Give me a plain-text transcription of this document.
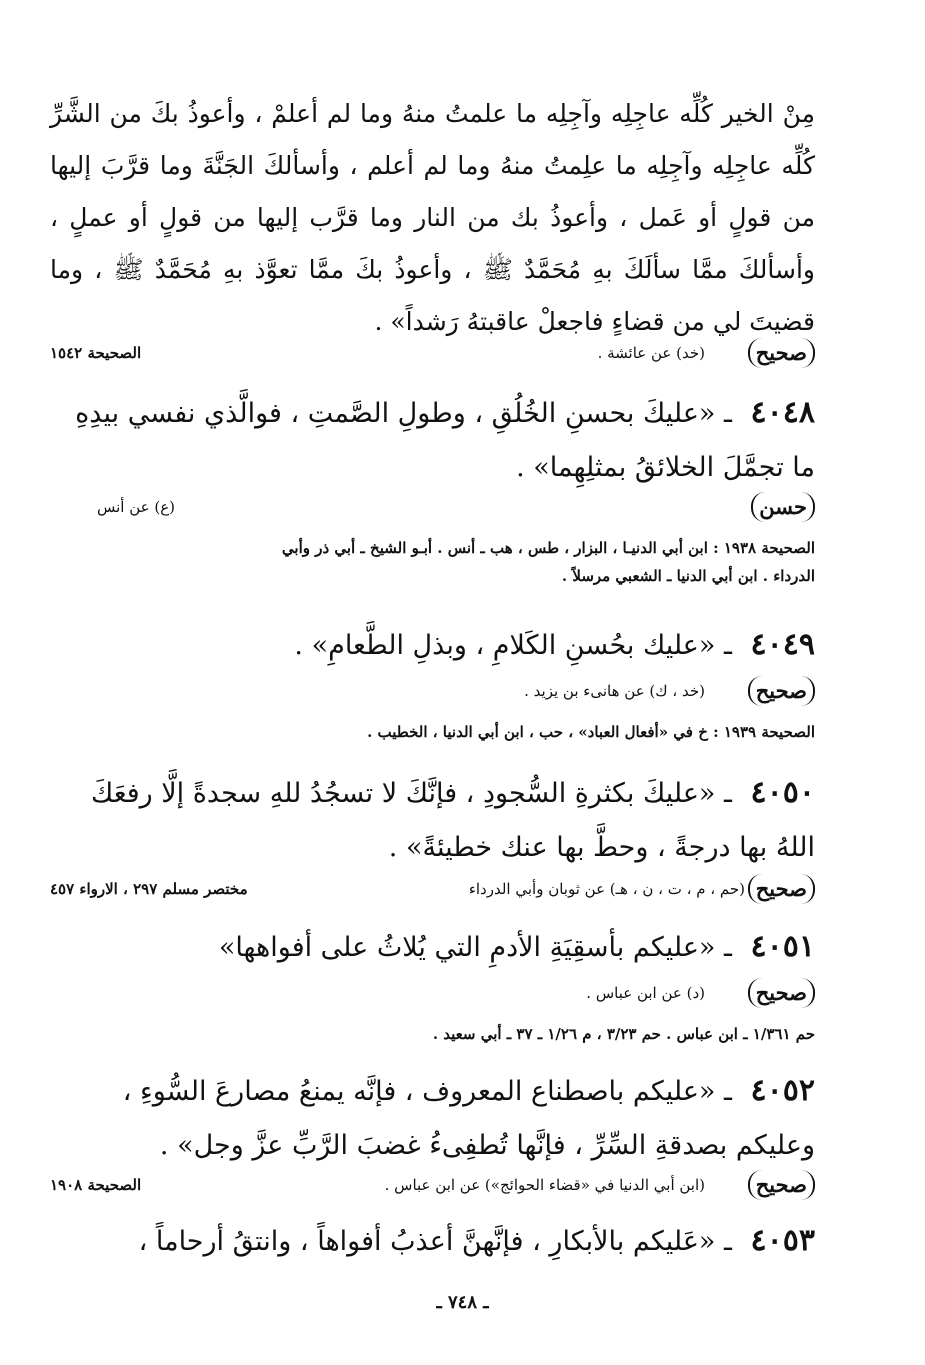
مِنْ الخير كُلِّه عاجِلِه وآجِلِه ما علمتُ منهُ وما لم أعلمْ ، وأعوذُ بكَ من الشَّرِّ كُلِّه عاجِلِه وآجِلِه ما علِمتُ منهُ وما لم أعلم ، وأسألكَ الجَنَّةَ وما قرَّبَ إليها من قولٍ أو عَمل ، وأعوذُ بك من النار وما قرَّب إليها من قولٍ أو عملٍ ، وأسألكَ ممَّا سألَكَ بهِ مُحَمَّدٌ ﷺ ، وأعوذُ بكَ ممَّا تعوَّذ بهِ مُحَمَّدٌ ﷺ ، وما قضيتَ لي من قضاءٍ فاجعلْ عاقبتهُ رَشداً» .
صحيح
(خد) عن عائشة .
الصحيحة ١٥٤٢
٤٠٤٨ ـ «عليكَ بحسنِ الخُلُقِ ، وطولِ الصَّمتِ ، فوالَّذي نفسي بيدِهِ ما تجمَّلَ الخلائقُ بمثلِهِما» .
حسن
(ع) عن أنس
الصحيحة ١٩٣٨ : ابن أبي الدنيـا ، البزار ، طس ، هب ـ أنس . أبـو الشيخ ـ أبي ذر وأبي
الدرداء . ابن أبي الدنيا ـ الشعبي مرسلاً .
٤٠٤٩ ـ «عليك بحُسنِ الكَلامِ ، وبذلِ الطَّعامِ» .
صحيح
(خد ، ك) عن هانىء بن يزيد .
الصحيحة ١٩٣٩ : خ في «أفعال العباد» ، حب ، ابن أبي الدنيا ، الخطيب .
٤٠٥٠ ـ «عليكَ بكثرةِ السُّجودِ ، فإنَّكَ لا تسجُدُ للهِ سجدةً إلَّا رفعَكَ اللهُ بها درجةً ، وحطَّ بها عنك خطيئةً» .
صحيح
(حم ، م ، ت ، ن ، هـ) عن ثوبان وأبي الدرداء
مختصر مسلم ٢٩٧ ، الارواء ٤٥٧
٤٠٥١ ـ «عليكم بأسقِيَةِ الأدمِ التي يُلاثُ على أفواهها»
صحيح
(د) عن ابن عباس .
حم ١/٣٦١ ـ ابن عباس . حم ٣/٢٣ ، م ١/٢٦ ـ ٣٧ ـ أبي سعيد .
٤٠٥٢ ـ «عليكم باصطناع المعروف ، فإنَّه يمنعُ مصارعَ السُّوءِ ، وعليكم بصدقةِ السِّرِّ ، فإنَّها تُطفِىءُ غضبَ الرَّبِّ عزَّ وجل» .
صحيح
(ابن أبي الدنيا في «قضاء الحوائج») عن ابن عباس .
الصحيحة ١٩٠٨
٤٠٥٣ ـ «عَليكم بالأبكارِ ، فإنَّهنَّ أعذبُ أفواهاً ، وانتقُ أرحاماً ،
ـ ٧٤٨ ـ
